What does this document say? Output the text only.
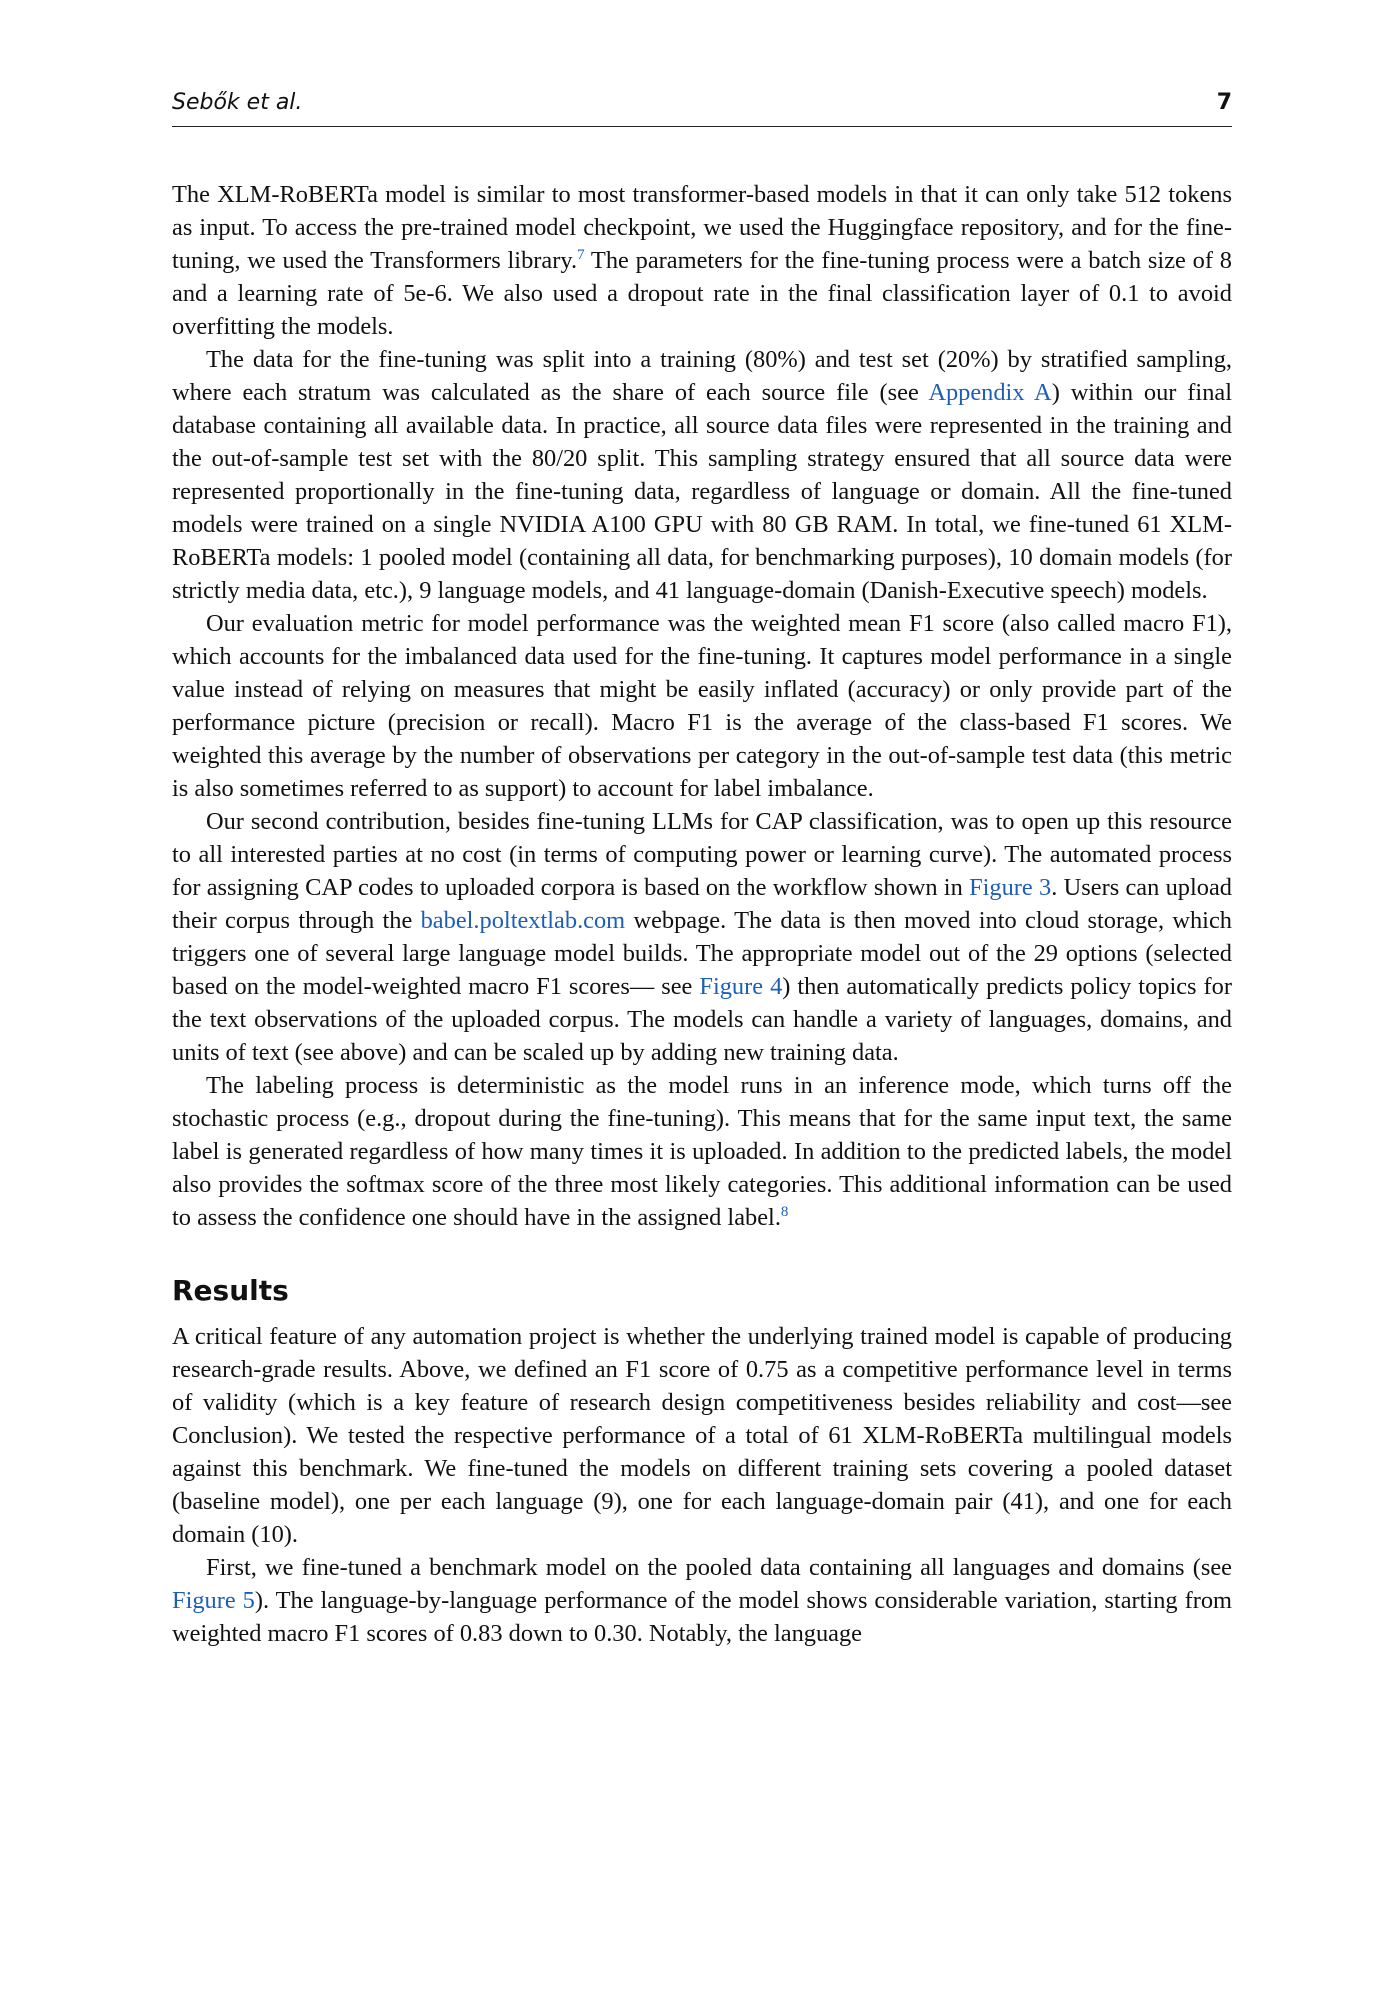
Sebők et al.	7

The XLM-RoBERTa model is similar to most transformer-based models in that it can only take 512 tokens as input. To access the pre-trained model checkpoint, we used the Huggingface repository, and for the fine-tuning, we used the Transformers library.$^7$ The parameters for the fine-tuning process were a batch size of 8 and a learning rate of 5e-6. We also used a dropout rate in the final classification layer of 0.1 to avoid overfitting the models.

The data for the fine-tuning was split into a training (80%) and test set (20%) by stratified sampling, where each stratum was calculated as the share of each source file (see Appendix A) within our final database containing all available data. In practice, all source data files were represented in the training and the out-of-sample test set with the 80/20 split. This sampling strategy ensured that all source data were represented proportionally in the fine-tuning data, regardless of language or domain. All the fine-tuned models were trained on a single NVIDIA A100 GPU with 80 GB RAM. In total, we fine-tuned 61 XLM-RoBERTa models: 1 pooled model (containing all data, for benchmarking purposes), 10 domain models (for strictly media data, etc.), 9 language models, and 41 language-domain (Danish-Executive speech) models.

Our evaluation metric for model performance was the weighted mean F1 score (also called macro F1), which accounts for the imbalanced data used for the fine-tuning. It captures model performance in a single value instead of relying on measures that might be easily inflated (accuracy) or only provide part of the performance picture (precision or recall). Macro F1 is the average of the class-based F1 scores. We weighted this average by the number of observations per category in the out-of-sample test data (this metric is also sometimes referred to as support) to account for label imbalance.

Our second contribution, besides fine-tuning LLMs for CAP classification, was to open up this resource to all interested parties at no cost (in terms of computing power or learning curve). The automated process for assigning CAP codes to uploaded corpora is based on the workflow shown in Figure 3. Users can upload their corpus through the babel.poltextlab.com webpage. The data is then moved into cloud storage, which triggers one of several large language model builds. The appropriate model out of the 29 options (selected based on the model-weighted macro F1 scores— see Figure 4) then automatically predicts policy topics for the text observations of the uploaded corpus. The models can handle a variety of languages, domains, and units of text (see above) and can be scaled up by adding new training data.

The labeling process is deterministic as the model runs in an inference mode, which turns off the stochastic process (e.g., dropout during the fine-tuning). This means that for the same input text, the same label is generated regardless of how many times it is uploaded. In addition to the predicted labels, the model also provides the softmax score of the three most likely categories. This additional information can be used to assess the confidence one should have in the assigned label.$^8$

Results

A critical feature of any automation project is whether the underlying trained model is capable of producing research-grade results. Above, we defined an F1 score of 0.75 as a competitive performance level in terms of validity (which is a key feature of research design competitiveness besides reliability and cost—see Conclusion). We tested the respective performance of a total of 61 XLM-RoBERTa multilingual models against this benchmark. We fine-tuned the models on different training sets covering a pooled dataset (baseline model), one per each language (9), one for each language-domain pair (41), and one for each domain (10).

First, we fine-tuned a benchmark model on the pooled data containing all languages and domains (see Figure 5). The language-by-language performance of the model shows considerable variation, starting from weighted macro F1 scores of 0.83 down to 0.30. Notably, the language
